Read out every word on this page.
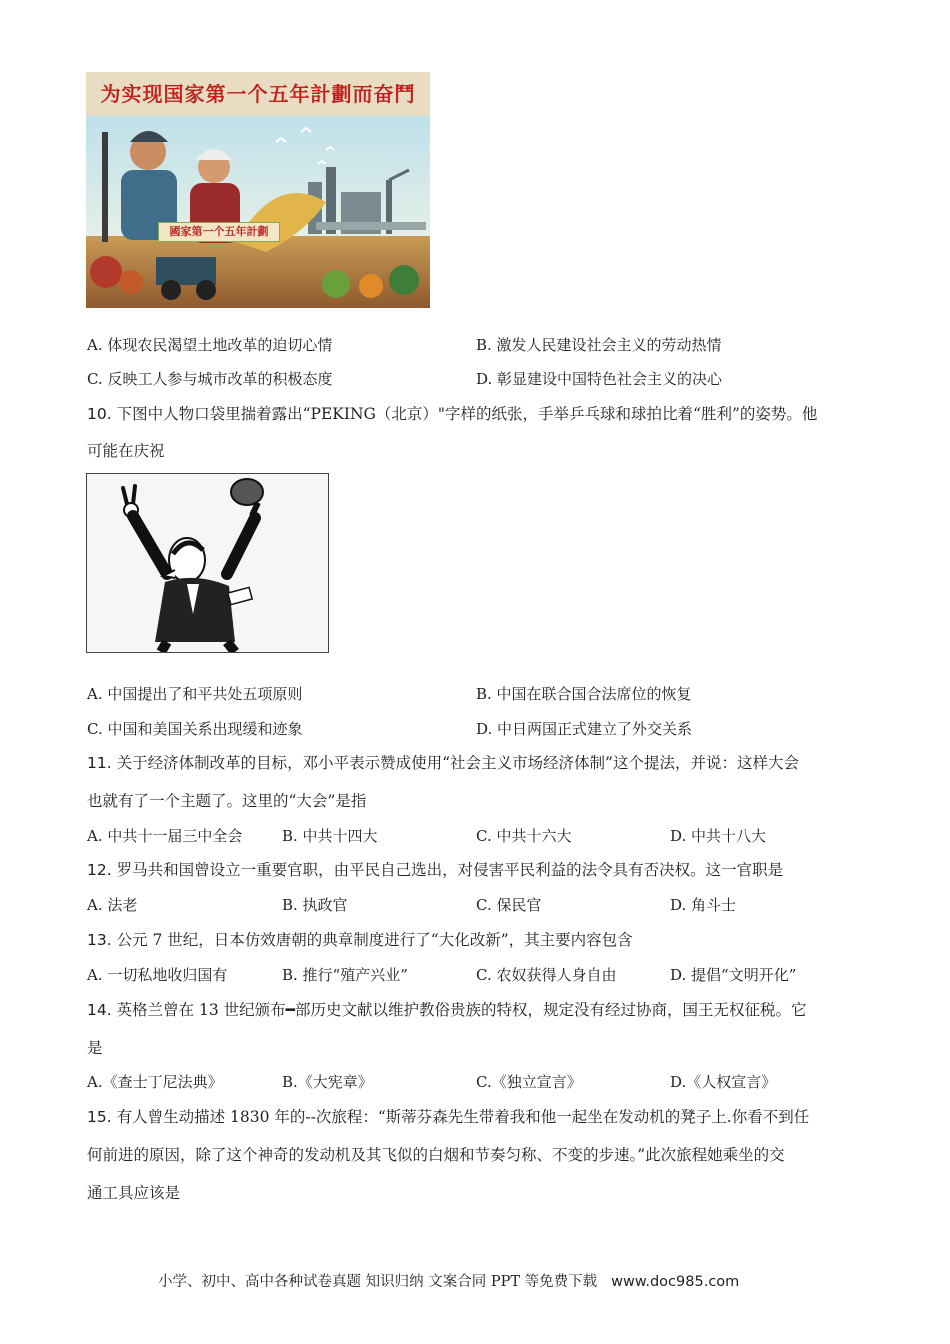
为实现国家第一个五年計劃而奋鬥
國家第一个五年計劃
A. 体现农民渴望土地改革的迫切心情	B. 激发人民建设社会主义的劳动热情
C. 反映工人参与城市改革的积极态度	D. 彰显建设中国特色社会主义的决心
10. 下图中人物口袋里揣着露出“PEKING（北京）"字样的纸张，手举乒乓球和球拍比着“胜利”的姿势。他
可能在庆祝
A. 中国提出了和平共处五项原则	B. 中国在联合国合法席位的恢复
C. 中国和美国关系出现缓和迹象	D. 中日两国正式建立了外交关系
11. 关于经济体制改革的目标，邓小平表示赞成使用“社会主义市场经济体制”这个提法，并说：这样大会
也就有了一个主题了。这里的“大会”是指
A. 中共十一届三中全会	B. 中共十四大	C. 中共十六大	D. 中共十八大
12. 罗马共和国曾设立一重要官职，由平民自己选出，对侵害平民利益的法令具有否决权。这一官职是
A. 法老	B. 执政官	C. 保民官	D. 角斗士
13. 公元 7 世纪，日本仿效唐朝的典章制度进行了“大化改新”，其主要内容包含
A. 一切私地收归国有	B. 推行“殖产兴业”	C. 农奴获得人身自由	D. 提倡“文明开化”
14. 英格兰曾在 13 世纪颁布━部历史文献以维护教俗贵族的特权，规定没有经过协商，国王无权征税。它
是
A.《查士丁尼法典》	B.《大宪章》	C.《独立宣言》	D.《人权宣言》
15. 有人曾生动描述 1830 年的--次旅程：“斯蒂芬森先生带着我和他一起坐在发动机的凳子上.你看不到任
何前进的原因，除了这个神奇的发动机及其飞似的白烟和节奏匀称、不变的步速。”此次旅程她乘坐的交
通工具应该是
小学、初中、高中各种试卷真题 知识归纳 文案合同 PPT 等免费下载 www.doc985.com
